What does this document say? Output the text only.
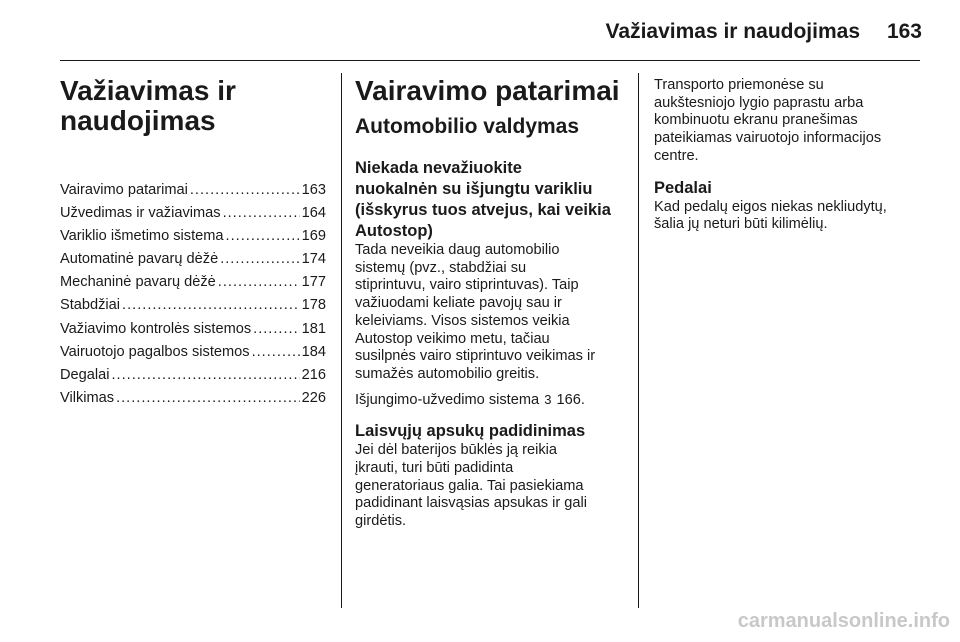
Važiavimas ir naudojimas	163
Važiavimas ir
naudojimas
Vairavimo patarimai .....	163
Užvedimas ir važiavimas .....	164
Variklio išmetimo sistema .....	169
Automatinė pavarų dėžė .....	174
Mechaninė pavarų dėžė .....	177
Stabdžiai .....	178
Važiavimo kontrolės sistemos .....	181
Vairuotojo pagalbos sistemos .....	184
Degalai .....	216
Vilkimas .....	226
Vairavimo patarimai
Automobilio valdymas
Niekada nevažiuokite
nuokalnėn su išjungtu varikliu
(išskyrus tuos atvejus, kai veikia
Autostop)

Tada neveikia daug automobilio
sistemų (pvz., stabdžiai su
stiprintuvu, vairo stiprintuvas). Taip
važiuodami keliate pavojų sau ir
keleiviams. Visos sistemos veikia
Autostop veikimo metu, tačiau
susilpnės vairo stiprintuvo veikimas ir
sumažės automobilio greitis.

Išjungimo-užvedimo sistema 3 166.

Laisvųjų apsukų padidinimas

Jei dėl baterijos būklės ją reikia
įkrauti, turi būti padidinta
generatoriaus galia. Tai pasiekiama
padidinant laisvąsias apsukas ir gali
girdėtis.

Transporto priemonėse su
aukštesniojo lygio paprastu arba
kombinuotu ekranu pranešimas
pateikiamas vairuotojo informacijos
centre.

Pedalai

Kad pedalų eigos niekas nekliudytų,
šalia jų neturi būti kilimėlių.

carmanualsonline.info
